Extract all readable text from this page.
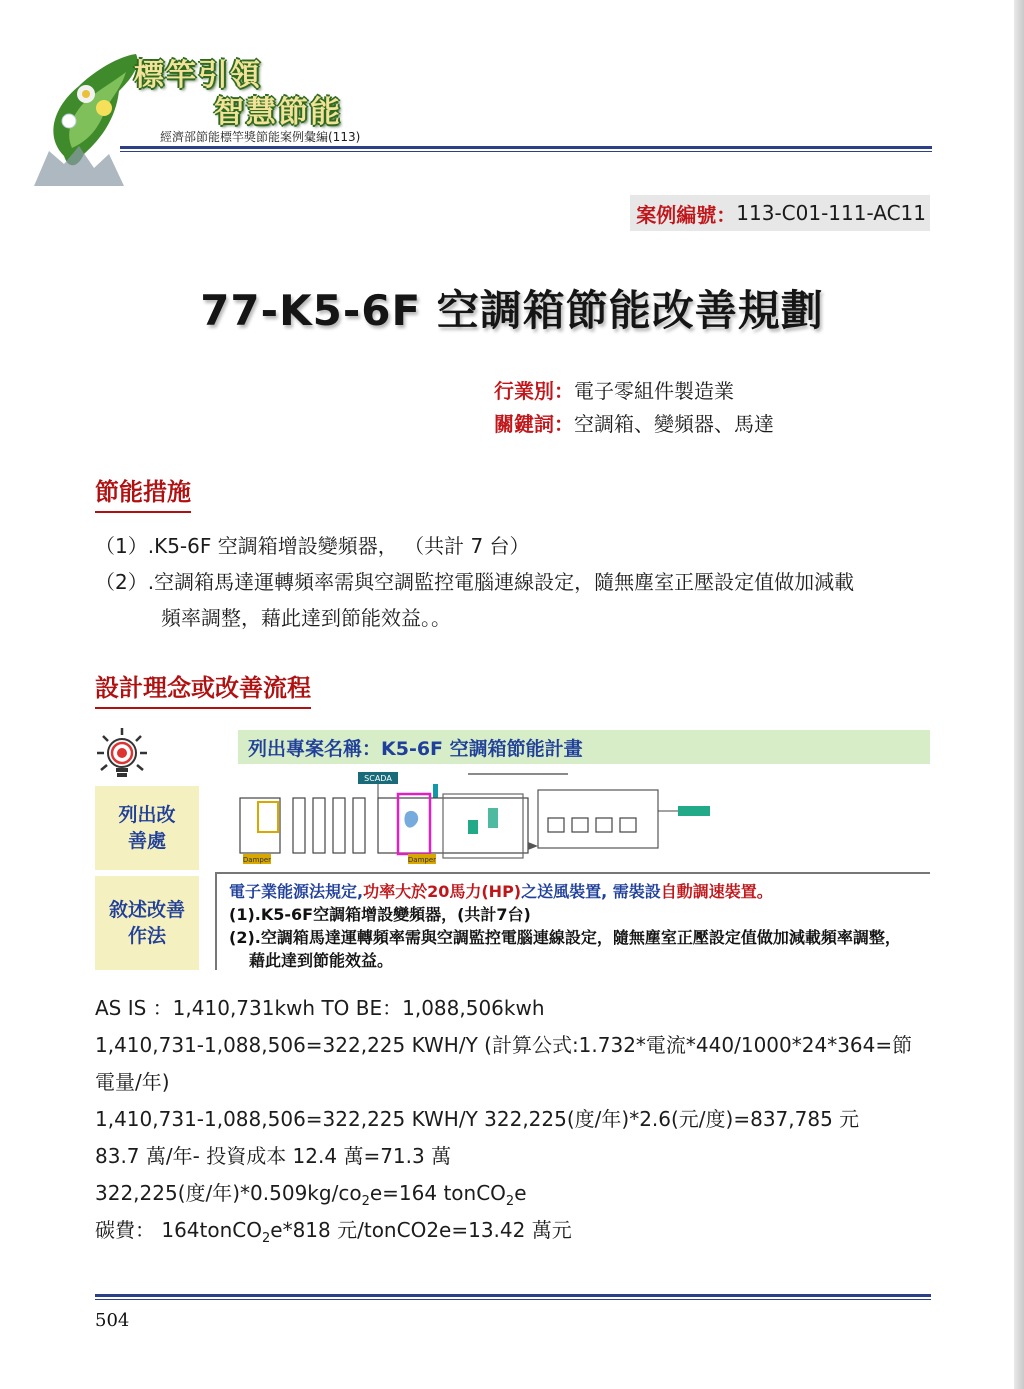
標竿引領
智慧節能
經濟部節能標竿獎節能案例彙編(113)
案例編號： 113-C01-111-AC11
77-K5-6F 空調箱節能改善規劃
行業別：電子零組件製造業
關鍵詞：空調箱、變頻器、馬達
節能措施
（1）.K5-6F 空調箱增設變頻器， （共計 7 台）
（2）.空調箱馬達運轉頻率需與空調監控電腦連線設定，隨無塵室正壓設定值做加減載
頻率調整，藉此達到節能效益。。
設計理念或改善流程
列出改善處
敘述改善作法
列出專案名稱：K5-6F 空調箱節能計畫
SCADA
Damper	Damper
電子業能源法規定,功率大於20馬力(HP)之送風裝置, 需裝設自動調速裝置。
(1).K5-6F空調箱增設變頻器，(共計7台)
(2).空調箱馬達運轉頻率需與空調監控電腦連線設定，隨無塵室正壓設定值做加減載頻率調整，
藉此達到節能效益。
AS IS ：1,410,731kwh TO BE：1,088,506kwh
1,410,731-1,088,506=322,225 KWH/Y (計算公式:1.732*電流*440/1000*24*364=節
電量/年)
1,410,731-1,088,506=322,225 KWH/Y 322,225(度/年)*2.6(元/度)=837,785 元
83.7 萬/年- 投資成本 12.4 萬=71.3 萬
322,225(度/年)$*0.509kg/co_2e=164$ tonCO$_2$e
碳費： 164tonCO$_2$e*818 元/tonCO2e=13.42 萬元
504
